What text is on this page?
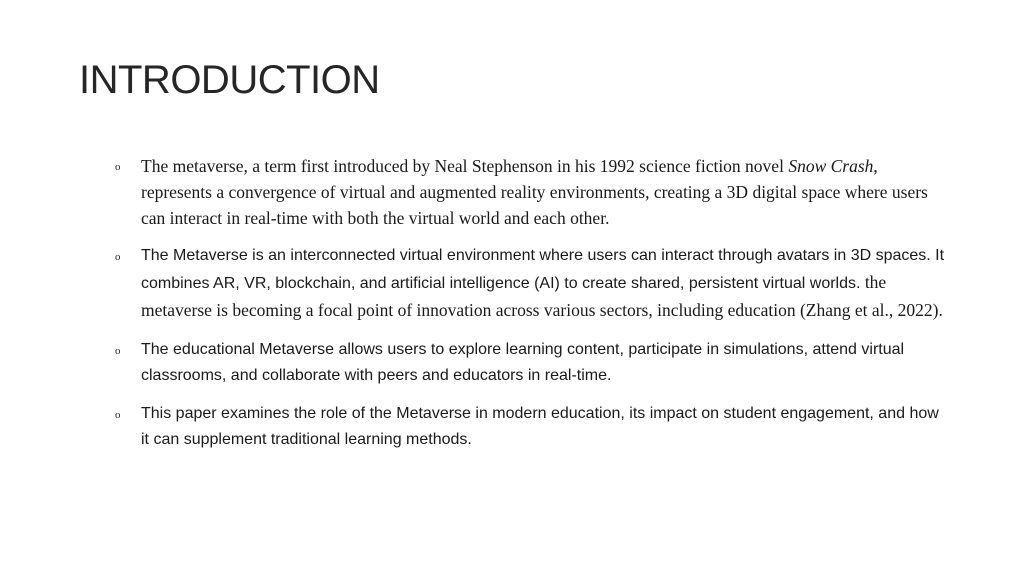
INTRODUCTION
o The metaverse, a term first introduced by Neal Stephenson in his 1992 science fiction novel Snow Crash, represents a convergence of virtual and augmented reality environments, creating a 3D digital space where users can interact in real-time with both the virtual world and each other.
o The Metaverse is an interconnected virtual environment where users can interact through avatars in 3D spaces. It combines AR, VR, blockchain, and artificial intelligence (AI) to create shared, persistent virtual worlds. the metaverse is becoming a focal point of innovation across various sectors, including education (Zhang et al., 2022).
o The educational Metaverse allows users to explore learning content, participate in simulations, attend virtual classrooms, and collaborate with peers and educators in real-time.
o This paper examines the role of the Metaverse in modern education, its impact on student engagement, and how it can supplement traditional learning methods.
